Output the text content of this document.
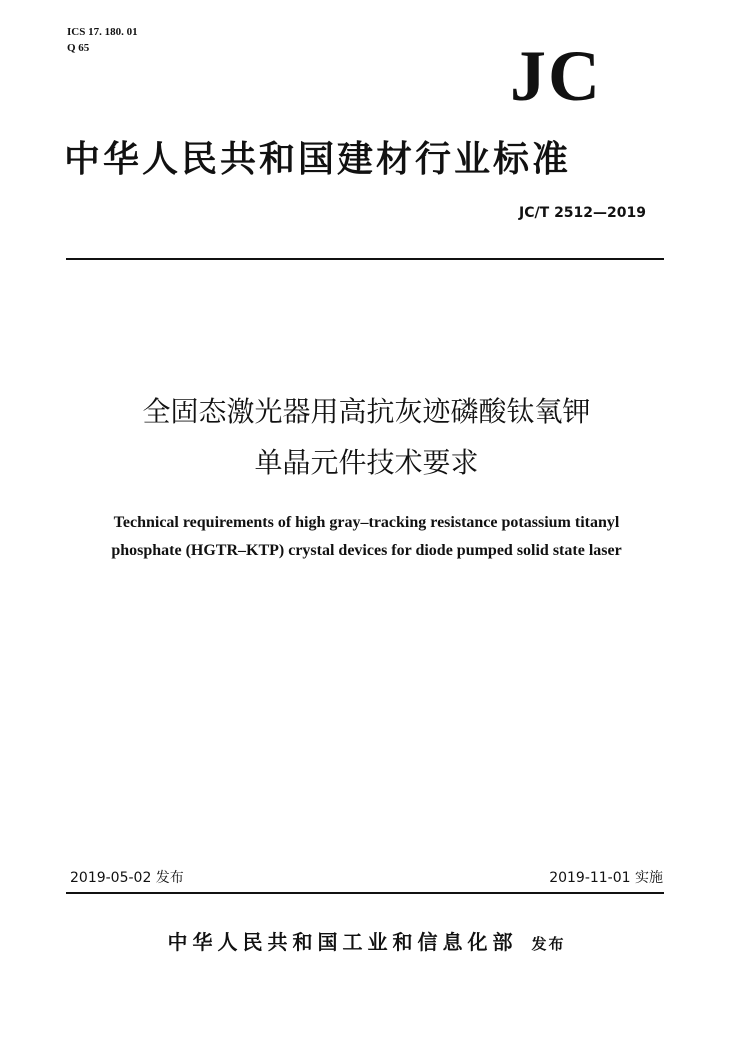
ICS 17. 180. 01
Q 65	JC
中华人民共和国建材行业标准
JC/T 2512—2019
全固态激光器用高抗灰迹磷酸钛氧钾
单晶元件技术要求
Technical requirements of high gray–tracking resistance potassium titanyl
phosphate (HGTR–KTP) crystal devices for diode pumped solid state laser
2019-05-02 发布	2019-11-01 实施
中华人民共和国工业和信息化部 发布
